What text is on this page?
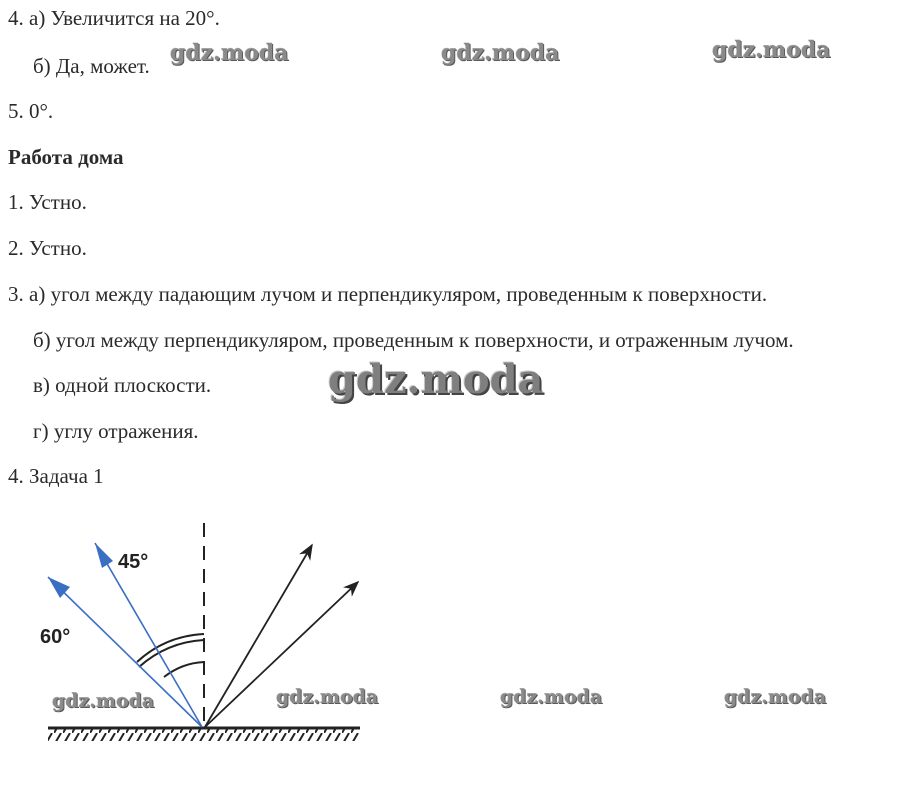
4. а) Увеличится на 20°.
б) Да, может.
5. 0°.
Работа дома
1. Устно.
2. Устно.
3. а) угол между падающим лучом и перпендикуляром, проведенным к поверхности.
б) угол между перпендикуляром, проведенным к поверхности, и отраженным лучом.
в) одной плоскости.
г) углу отражения.
4. Задача 1
gdz.moda	gdz.moda	gdz.moda
gdz.moda
gdz.moda	gdz.moda	gdz.moda	gdz.moda
45°
60°
